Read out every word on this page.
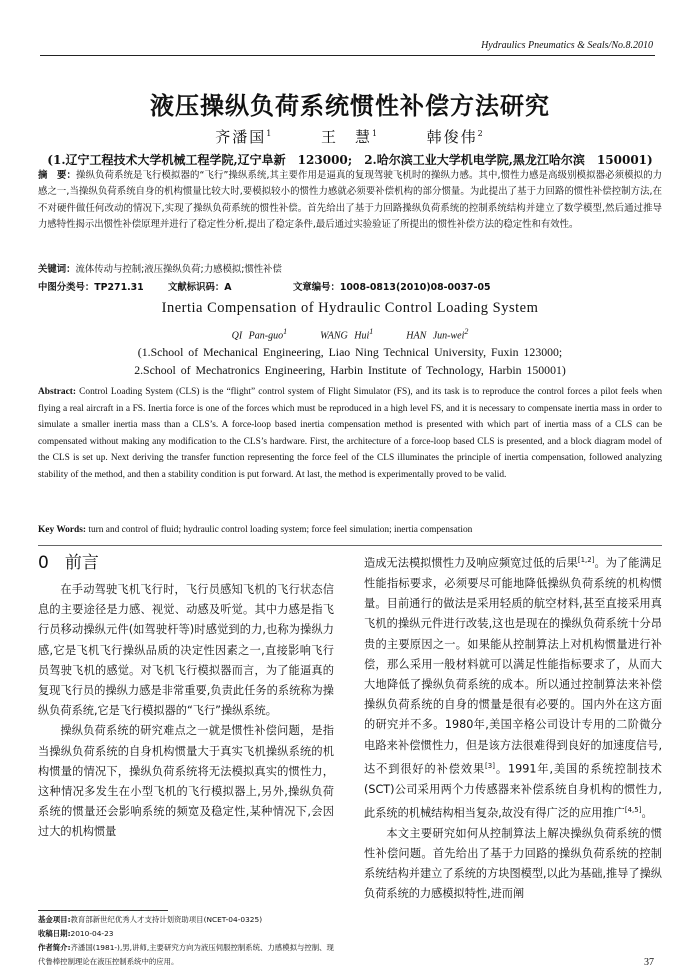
Hydraulics Pneumatics & Seals/No.8.2010
液压操纵负荷系统惯性补偿方法研究
齐潘国$^1$   	王　慧$^1$   	韩俊伟$^2$
(1.辽宁工程技术大学机械工程学院,辽宁阜新　123000;　2.哈尔滨工业大学机电学院,黑龙江哈尔滨　150001)
摘　要：操纵负荷系统是飞行模拟器的“飞行”操纵系统,其主要作用是逼真的复现驾驶飞机时的操纵力感。其中,惯性力感是高级别模拟器必须模拟的力感之一,当操纵负荷系统自身的机构惯量比较大时,要模拟较小的惯性力感就必须要补偿机构的部分惯量。为此提出了基于力回路的惯性补偿控制方法,在不对硬件做任何改动的情况下,实现了操纵负荷系统的惯性补偿。首先给出了基于力回路操纵负荷系统的控制系统结构并建立了数学模型,然后通过推导力感特性揭示出惯性补偿原理并进行了稳定性分析,提出了稳定条件,最后通过实验验证了所提出的惯性补偿方法的稳定性和有效性。
关键词：流体传动与控制;液压操纵负荷;力感模拟;惯性补偿
中图分类号：TP271.31	文献标识码：A	文章编号：1008-0813(2010)08-0037-05
Inertia Compensation of Hydraulic Control Loading System
QI Pan-guo$^1$   	WANG Hui$^1$   	HAN Jun-wei$^2$
(1.School of Mechanical Engineering, Liao Ning Technical University, Fuxin 123000;
2.School of Mechatronics Engineering, Harbin Institute of Technology, Harbin 150001)
Abstract: Control Loading System (CLS) is the “flight” control system of Flight Simulator (FS), and its task is to reproduce the control forces a pilot feels when flying a real aircraft in a FS. Inertia force is one of the forces which must be reproduced in a high level FS, and it is necessary to compensate inertia mass in order to simulate a smaller inertia mass than a CLS’s. A force-loop based inertia compensation method is presented with which part of inertia mass of a CLS can be compensated without making any modification to the CLS’s hardware. First, the architecture of a force-loop based CLS is presented, and a block diagram model of the CLS is set up. Next deriving the transfer function representing the force feel of the CLS illuminates the principle of inertia compensation, followed analyzing stability of the method, and then a stability condition is put forward. At last, the method is experimentally proved to be valid.
Key Words: turn and control of fluid; hydraulic control loading system; force feel simulation; inertia compensation
0 前言

在手动驾驶飞机飞行时，飞行员感知飞机的飞行状态信息的主要途径是力感、视觉、动感及听觉。其中力感是指飞行员移动操纵元件(如驾驶杆等)时感觉到的力,也称为操纵力感,它是飞机飞行操纵品质的决定性因素之一,直接影响飞行员驾驶飞机的感觉。对飞机飞行模拟器而言，为了能逼真的复现飞行员的操纵力感是非常重要,负责此任务的系统称为操纵负荷系统,它是飞行模拟器的“飞行”操纵系统。

操纵负荷系统的研究难点之一就是惯性补偿问题，是指当操纵负荷系统的自身机构惯量大于真实飞机操纵系统的机构惯量的情况下，操纵负荷系统将无法模拟真实的惯性力，这种情况多发生在小型飞机的飞行模拟器上,另外,操纵负荷系统的惯量还会影响系统的频宽及稳定性,某种情况下,会因过大的机构惯量

造成无法模拟惯性力及响应频宽过低的后果[1,2]。为了能满足性能指标要求，必须要尽可能地降低操纵负荷系统的机构惯量。目前通行的做法是采用轻质的航空材料,甚至直接采用真飞机的操纵元件进行改装,这也是现在的操纵负荷系统十分昂贵的主要原因之一。如果能从控制算法上对机构惯量进行补偿，那么采用一般材料就可以满足性能指标要求了，从而大大地降低了操纵负荷系统的成本。所以通过控制算法来补偿操纵负荷系统的自身的惯量是很有必要的。国内外在这方面的研究并不多。1980年,美国辛格公司设计专用的二阶微分电路来补偿惯性力，但是该方法很难得到良好的加速度信号,达不到很好的补偿效果[3]。1991年,美国的系统控制技术(SCT)公司采用两个力传感器来补偿系统自身机构的惯性力,此系统的机械结构相当复杂,故没有得广泛的应用推广[4,5]。

本文主要研究如何从控制算法上解决操纵负荷系统的惯性补偿问题。首先给出了基于力回路的操纵负荷系统的控制系统结构并建立了系统的方块图模型,以此为基础,推导了操纵负荷系统的力感模拟特性,进而阐

基金项目:教育部新世纪优秀人才支持计划资助项目(NCET-04-0325)
收稿日期:2010-04-23
作者简介:齐潘国(1981-),男,讲师,主要研究方向为液压伺服控制系统、力感模拟与控制、现代鲁棒控制理论在液压控制系统中的应用。	37
